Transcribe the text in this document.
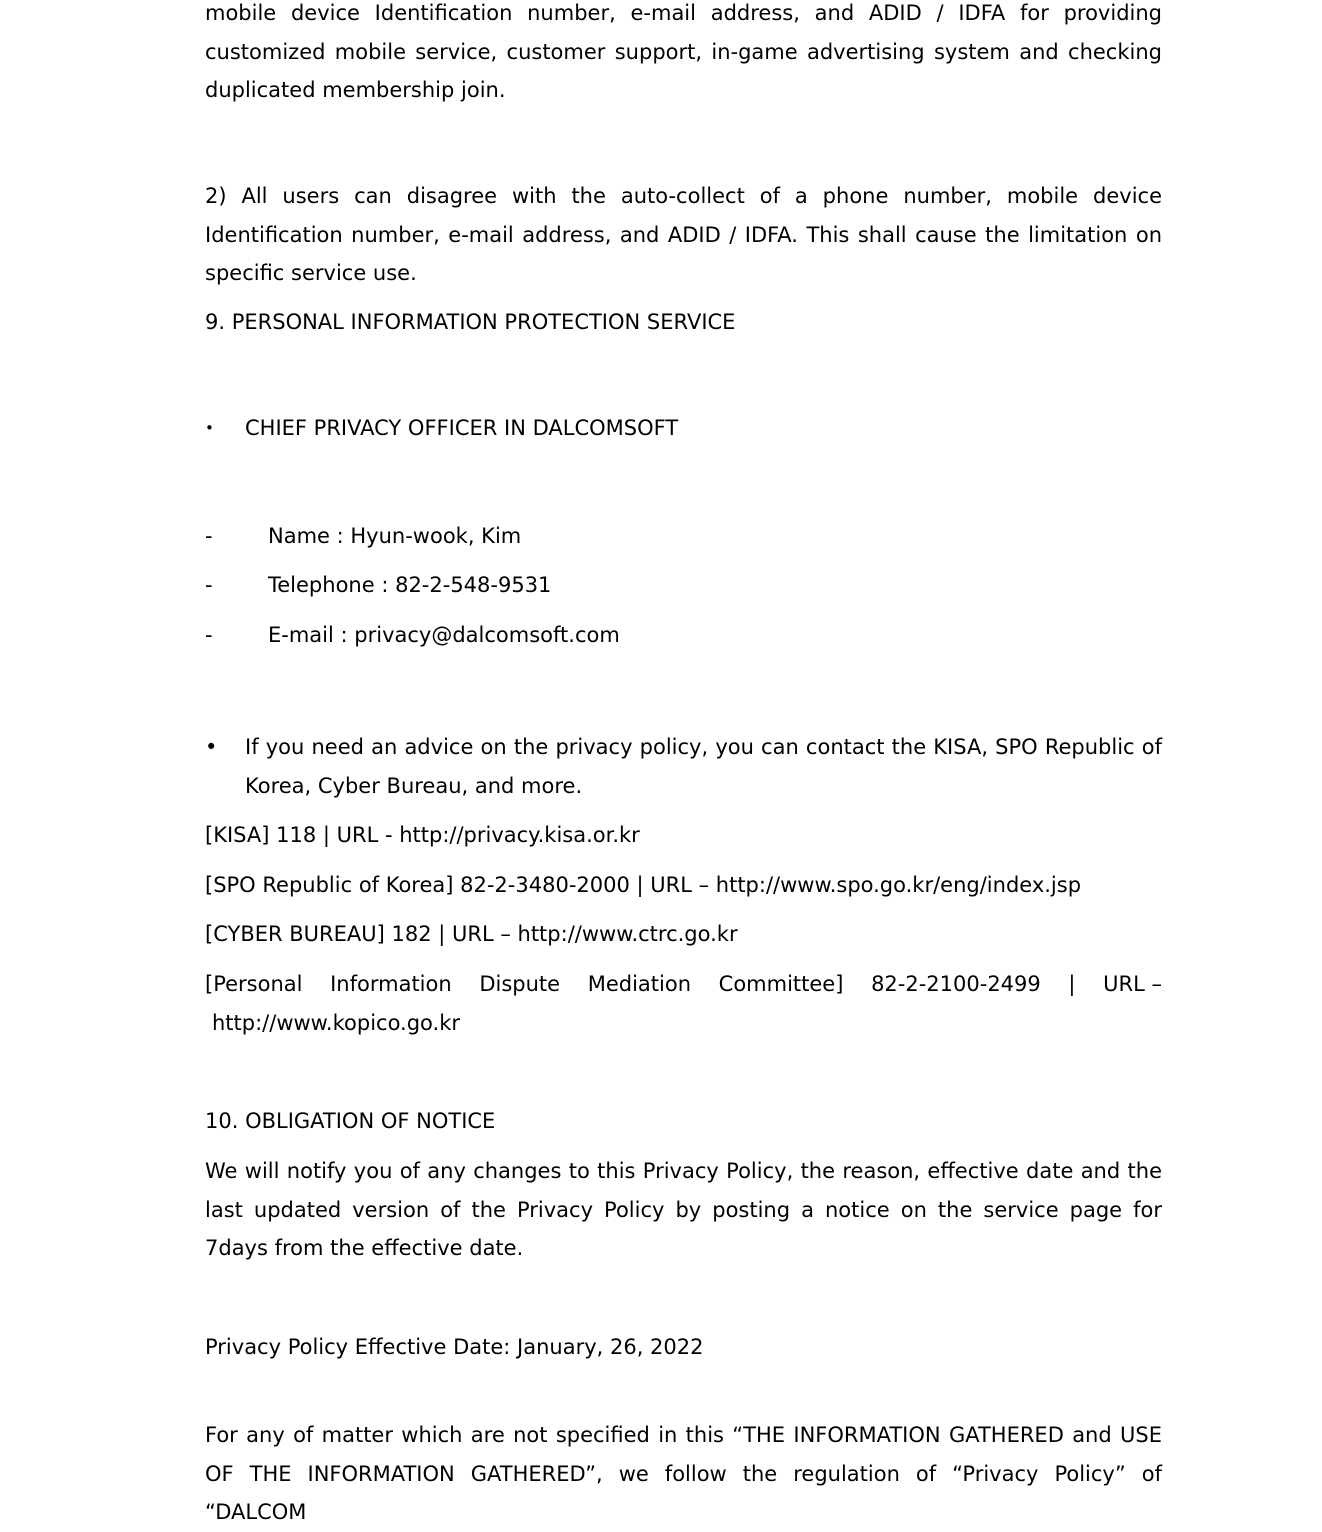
mobile device Identification number, e-mail address, and ADID / IDFA for providing customized mobile service, customer support, in-game advertising system and checking duplicated membership join.

2) All users can disagree with the auto-collect of a phone number, mobile device Identification number, e-mail address, and ADID / IDFA. This shall cause the limitation on specific service use.

9. PERSONAL INFORMATION PROTECTION SERVICE

•	CHIEF PRIVACY OFFICER IN DALCOMSOFT
-	Name : Hyun-wook, Kim
-	Telephone : 82-2-548-9531
-	E-mail : privacy@dalcomsoft.com
•	If you need an advice on the privacy policy, you can contact the KISA, SPO Republic of Korea, Cyber Bureau, and more.

[KISA] 118 | URL - http://privacy.kisa.or.kr

[SPO Republic of Korea] 82-2-3480-2000 | URL – http://www.spo.go.kr/eng/index.jsp

[CYBER BUREAU] 182 | URL – http://www.ctrc.go.kr

[Personal Information Dispute Mediation Committee] 82-2-2100-2499 | URL –
http://www.kopico.go.kr

10. OBLIGATION OF NOTICE

We will notify you of any changes to this Privacy Policy, the reason, effective date and the last updated version of the Privacy Policy by posting a notice on the service page for 7days from the effective date.

Privacy Policy Effective Date: January, 26, 2022

For any of matter which are not specified in this “THE INFORMATION GATHERED and USE OF THE INFORMATION GATHERED”, we follow the regulation of “Privacy Policy” of “DALCOM
